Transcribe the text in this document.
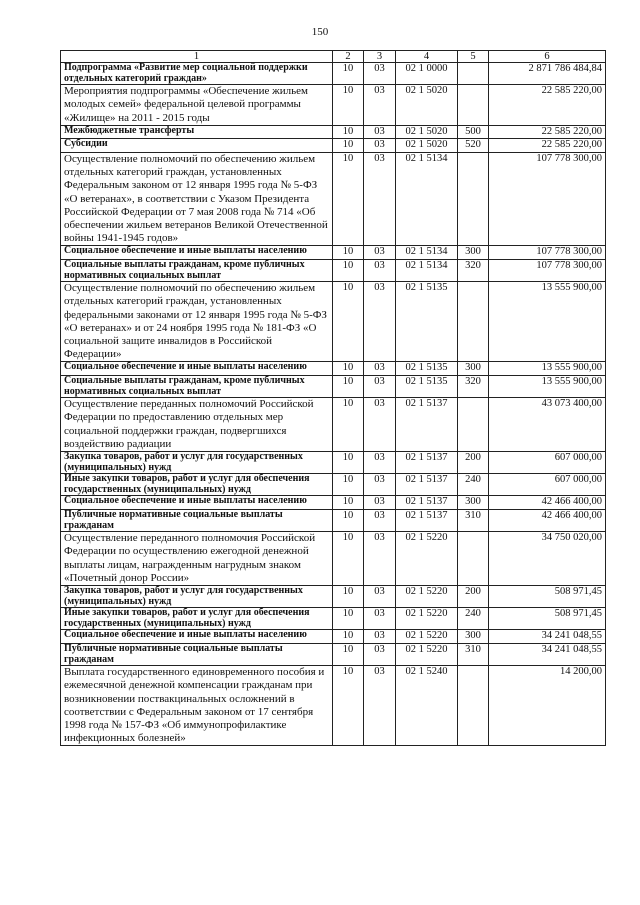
150
1	2	3	4	5	6
Подпрограмма «Развитие мер социальной поддержки отдельных категорий граждан»	10	03	02 1 0000		2 871 786 484,84
Мероприятия подпрограммы «Обеспечение жильем молодых семей» федеральной целевой программы «Жилище» на 2011 - 2015 годы	10	03	02 1 5020		22 585 220,00
Межбюджетные трансферты	10	03	02 1 5020	500	22 585 220,00
Субсидии	10	03	02 1 5020	520	22 585 220,00
Осуществление полномочий по обеспечению жильем отдельных категорий граждан, установленных Федеральным законом от 12 января 1995 года № 5-ФЗ «О ветеранах», в соответствии с Указом Президента Российской Федерации от 7 мая 2008 года № 714 «Об обеспечении жильем ветеранов Великой Отечественной войны 1941-1945 годов»	10	03	02 1 5134		107 778 300,00
Социальное обеспечение и иные выплаты населению	10	03	02 1 5134	300	107 778 300,00
Социальные выплаты гражданам, кроме публичных нормативных социальных выплат	10	03	02 1 5134	320	107 778 300,00
Осуществление полномочий по обеспечению жильем отдельных категорий граждан, установленных федеральными законами от 12 января 1995 года № 5-ФЗ «О ветеранах» и от 24 ноября 1995 года № 181-ФЗ «О социальной защите инвалидов в Российской Федерации»	10	03	02 1 5135		13 555 900,00
Социальное обеспечение и иные выплаты населению	10	03	02 1 5135	300	13 555 900,00
Социальные выплаты гражданам, кроме публичных нормативных социальных выплат	10	03	02 1 5135	320	13 555 900,00
Осуществление переданных полномочий Российской Федерации по предоставлению отдельных мер социальной поддержки граждан, подвергшихся воздействию радиации	10	03	02 1 5137		43 073 400,00
Закупка товаров, работ и услуг для государственных (муниципальных) нужд	10	03	02 1 5137	200	607 000,00
Иные закупки товаров, работ и услуг для обеспечения государственных (муниципальных) нужд	10	03	02 1 5137	240	607 000,00
Социальное обеспечение и иные выплаты населению	10	03	02 1 5137	300	42 466 400,00
Публичные нормативные социальные выплаты гражданам	10	03	02 1 5137	310	42 466 400,00
Осуществление переданного полномочия Российской Федерации по осуществлению ежегодной денежной выплаты лицам, награжденным нагрудным знаком «Почетный донор России»	10	03	02 1 5220		34 750 020,00
Закупка товаров, работ и услуг для государственных (муниципальных) нужд	10	03	02 1 5220	200	508 971,45
Иные закупки товаров, работ и услуг для обеспечения государственных (муниципальных) нужд	10	03	02 1 5220	240	508 971,45
Социальное обеспечение и иные выплаты населению	10	03	02 1 5220	300	34 241 048,55
Публичные нормативные социальные выплаты гражданам	10	03	02 1 5220	310	34 241 048,55
Выплата государственного единовременного пособия и ежемесячной денежной компенсации гражданам при возникновении поствакцинальных осложнений в соответствии с Федеральным законом от 17 сентября 1998 года № 157-ФЗ «Об иммунопрофилактике инфекционных болезней»	10	03	02 1 5240		14 200,00
